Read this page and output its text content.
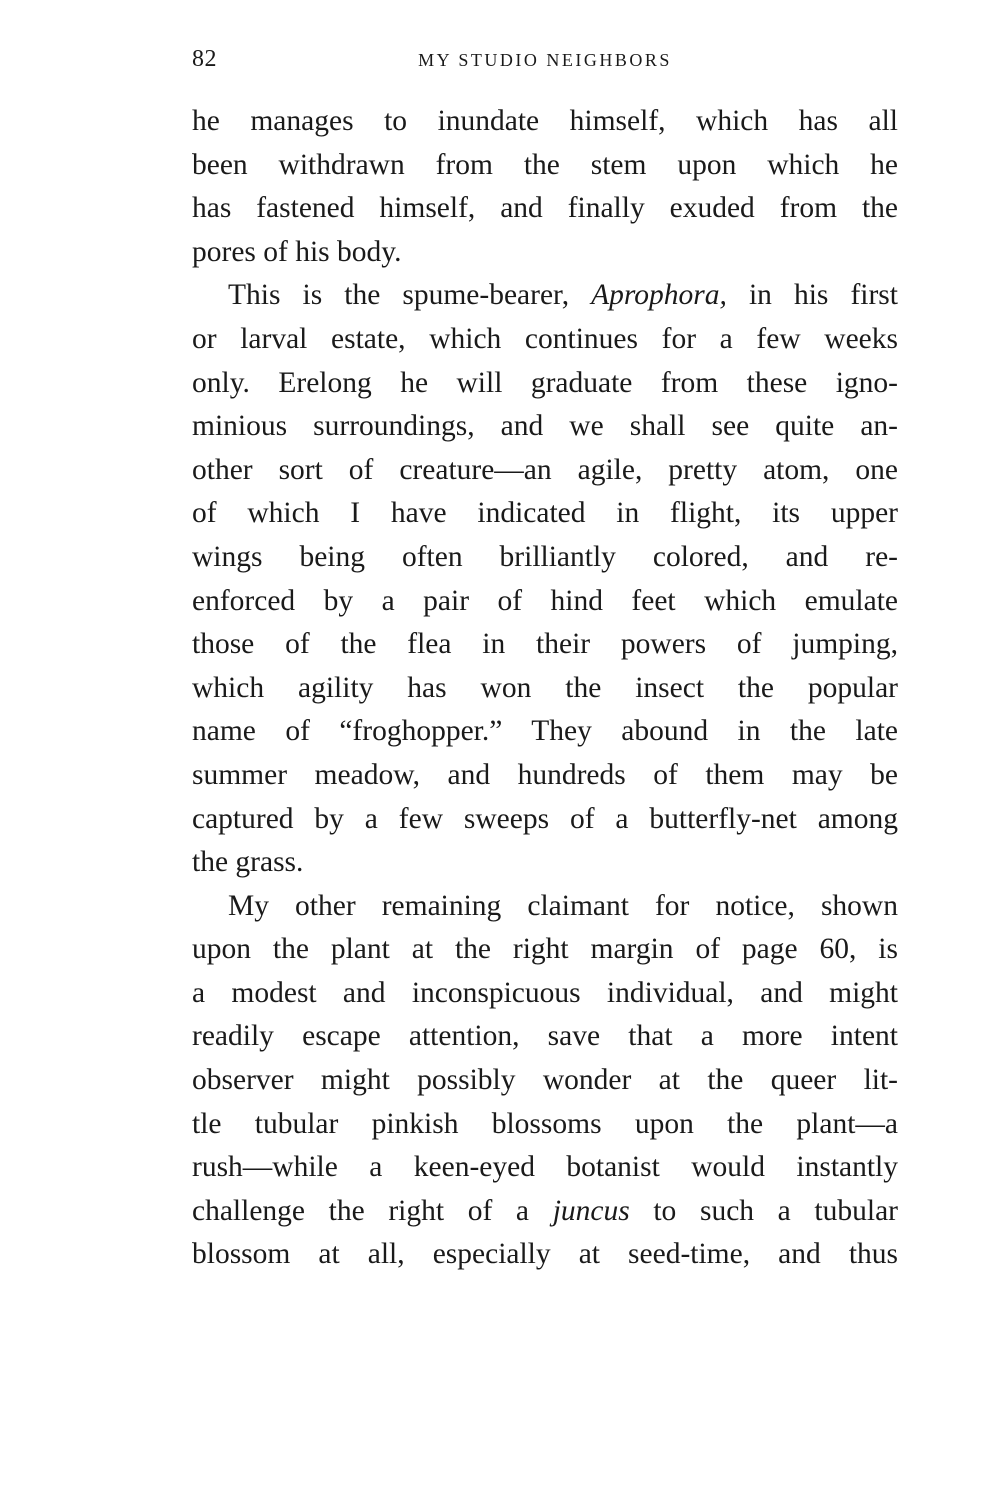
82	MY STUDIO NEIGHBORS
he manages to inundate himself, which has all
been withdrawn from the stem upon which he
has fastened himself, and finally exuded from the
pores of his body.
This is the spume-bearer, Aprophora, in his first
or larval estate, which continues for a few weeks
only. Erelong he will graduate from these igno-
minious surroundings, and we shall see quite an-
other sort of creature—an agile, pretty atom, one
of which I have indicated in flight, its upper
wings being often brilliantly colored, and re-
enforced by a pair of hind feet which emulate
those of the flea in their powers of jumping,
which agility has won the insect the popular
name of “froghopper.” They abound in the late
summer meadow, and hundreds of them may be
captured by a few sweeps of a butterfly-net among
the grass.
My other remaining claimant for notice, shown
upon the plant at the right margin of page 60, is
a modest and inconspicuous individual, and might
readily escape attention, save that a more intent
observer might possibly wonder at the queer lit-
tle tubular pinkish blossoms upon the plant—a
rush—while a keen-eyed botanist would instantly
challenge the right of a juncus to such a tubular
blossom at all, especially at seed-time, and thus
